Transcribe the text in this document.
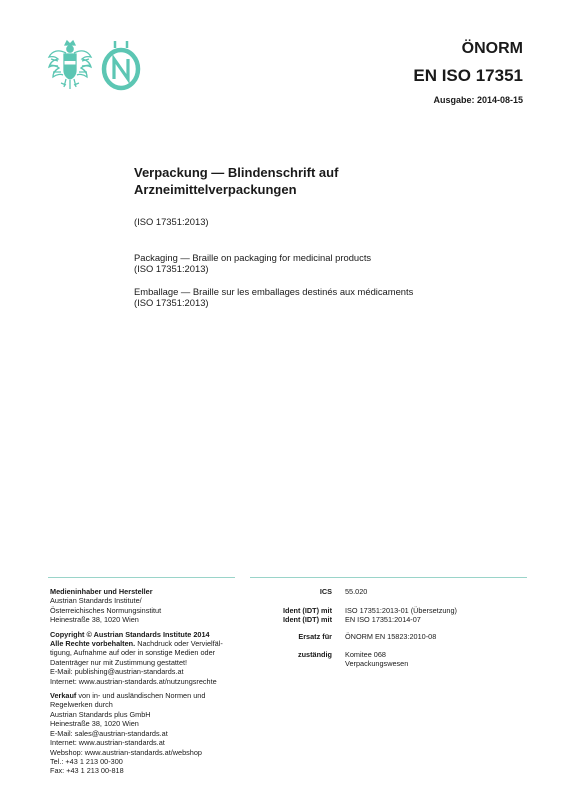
ÖNORM
EN ISO 17351
Ausgabe: 2014-08-15
Verpackung — Blindenschrift auf Arzneimittelverpackungen
(ISO 17351:2013)
Packaging — Braille on packaging for medicinal products
(ISO 17351:2013)
Emballage — Braille sur les emballages destinés aux médicaments
(ISO 17351:2013)
Medieninhaber und Hersteller
Austrian Standards Institute/
Österreichisches Normungsinstitut
Heinestraße 38, 1020 Wien
Copyright © Austrian Standards Institute 2014
Alle Rechte vorbehalten. Nachdruck oder Vervielfäl-
tigung, Aufnahme auf oder in sonstige Medien oder
Datenträger nur mit Zustimmung gestattet!
E-Mail: publishing@austrian-standards.at
Internet: www.austrian-standards.at/nutzungsrechte
Verkauf von in- und ausländischen Normen und
Regelwerken durch
Austrian Standards plus GmbH
Heinestraße 38, 1020 Wien
E-Mail: sales@austrian-standards.at
Internet: www.austrian-standards.at
Webshop: www.austrian-standards.at/webshop
Tel.: +43 1 213 00-300
Fax: +43 1 213 00-818
ICS 55.020
Ident (IDT) mit ISO 17351:2013-01 (Übersetzung)
Ident (IDT) mit EN ISO 17351:2014-07
Ersatz für ÖNORM EN 15823:2010-08
zuständig Komitee 068
Verpackungswesen
